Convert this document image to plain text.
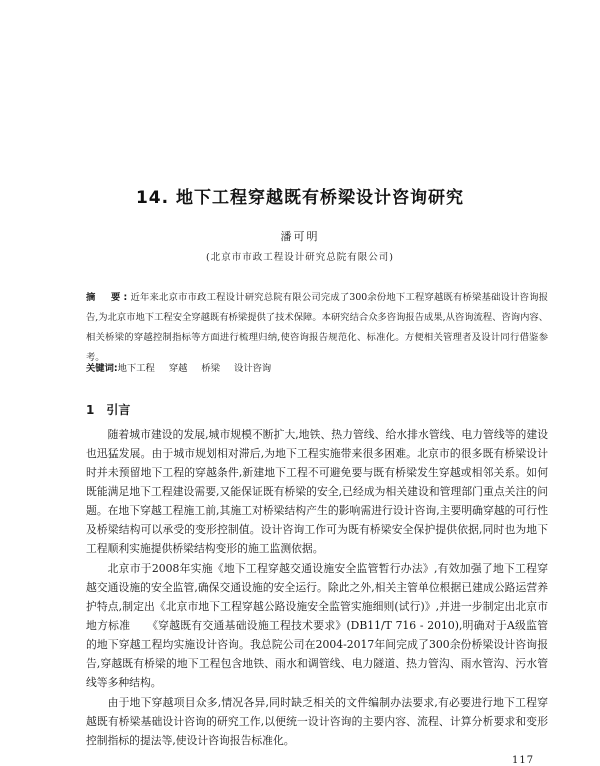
14. 地下工程穿越既有桥梁设计咨询研究
潘可明
(北京市市政工程设计研究总院有限公司)

摘　要:近年来北京市市政工程设计研究总院有限公司完成了300余份地下工程穿越既有桥梁基础设计咨询报告,为北京市地下工程安全穿越既有桥梁提供了技术保障。本研究结合众多咨询报告成果,从咨询流程、咨询内容、相关桥梁的穿越控制指标等方面进行梳理归纳,使咨询报告规范化、标准化。方便相关管理者及设计同行借鉴参考。

关键词:地下工程 穿越 桥梁 设计咨询

1 引言

随着城市建设的发展,城市规模不断扩大,地铁、热力管线、给水排水管线、电力管线等的建设也迅猛发展。由于城市规划相对滞后,为地下工程实施带来很多困难。北京市的很多既有桥梁设计时并未预留地下工程的穿越条件,新建地下工程不可避免要与既有桥梁发生穿越或相邻关系。如何既能满足地下工程建设需要,又能保证既有桥梁的安全,已经成为相关建设和管理部门重点关注的问题。在地下穿越工程施工前,其施工对桥梁结构产生的影响需进行设计咨询,主要明确穿越的可行性及桥梁结构可以承受的变形控制值。设计咨询工作可为既有桥梁安全保护提供依据,同时也为地下工程顺利实施提供桥梁结构变形的施工监测依据。

北京市于2008年实施《地下工程穿越交通设施安全监管暂行办法》,有效加强了地下工程穿越交通设施的安全监管,确保交通设施的安全运行。除此之外,相关主管单位根据已建成公路运营养护特点,制定出《北京市地下工程穿越公路设施安全监管实施细则(试行)》,并进一步制定出北京市地方标准　　《穿越既有交通基础设施工程技术要求》(DB11/T 716 - 2010),明确对于A级监管的地下穿越工程均实施设计咨询。我总院公司在2004-2017年间完成了300余份桥梁设计咨询报告,穿越既有桥梁的地下工程包含地铁、雨水和调管线、电力隧道、热力管沟、雨水管沟、污水管线等多种结构。

由于地下穿越项目众多,情况各异,同时缺乏相关的文件编制办法要求,有必要进行地下工程穿越既有桥梁基础设计咨询的研究工作,以便统一设计咨询的主要内容、流程、计算分析要求和变形控制指标的提法等,使设计咨询报告标准化。

117
